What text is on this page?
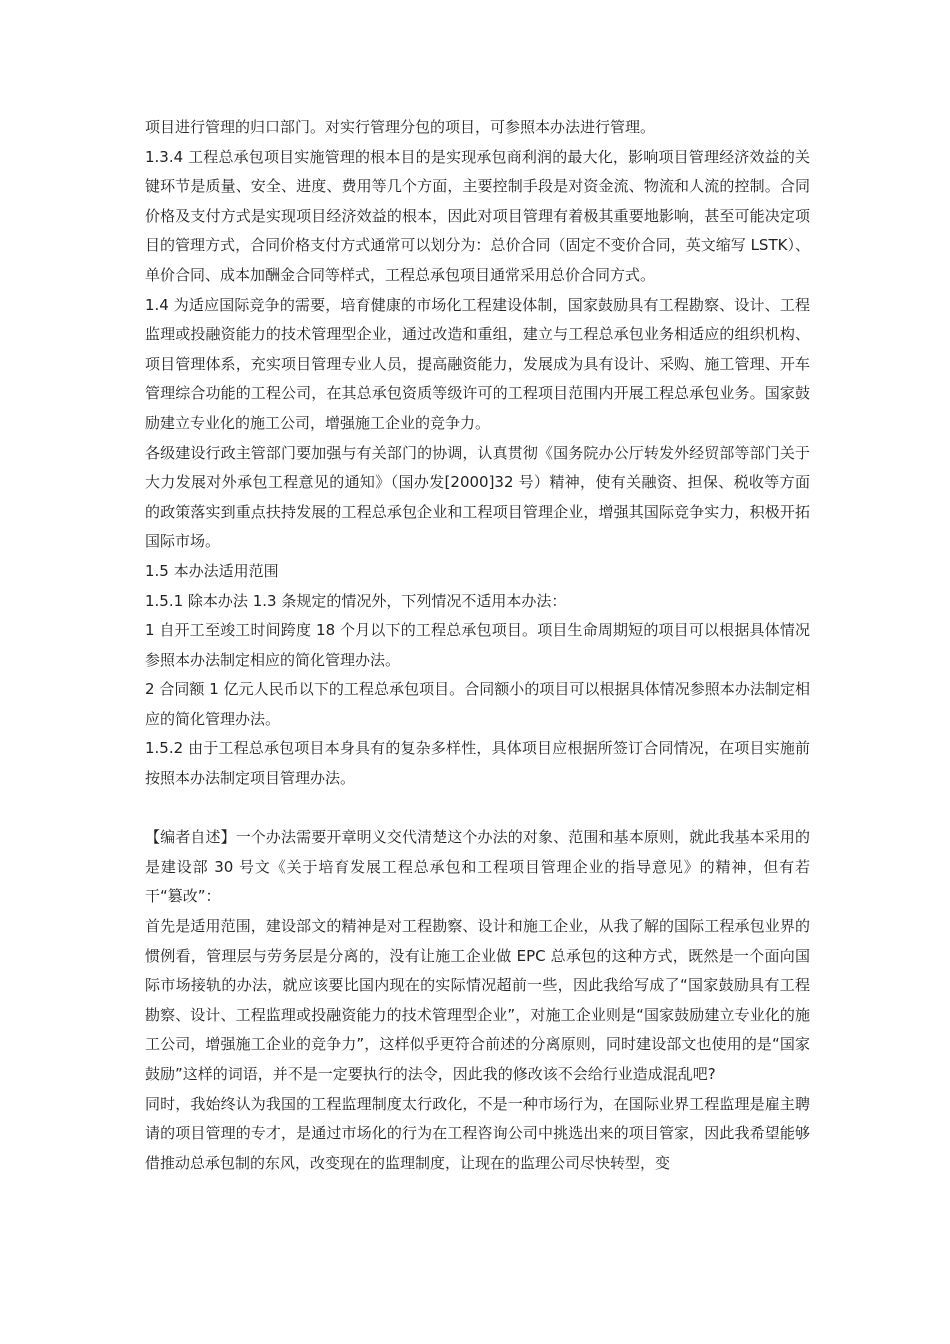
项目进行管理的归口部门。对实行管理分包的项目，可参照本办法进行管理。

1.3.4 工程总承包项目实施管理的根本目的是实现承包商利润的最大化，影响项目管理经济效益的关键环节是质量、安全、进度、费用等几个方面，主要控制手段是对资金流、物流和人流的控制。合同价格及支付方式是实现项目经济效益的根本，因此对项目管理有着极其重要地影响，甚至可能决定项目的管理方式，合同价格支付方式通常可以划分为：总价合同（固定不变价合同，英文缩写 LSTK）、单价合同、成本加酬金合同等样式，工程总承包项目通常采用总价合同方式。

1.4 为适应国际竞争的需要，培育健康的市场化工程建设体制，国家鼓励具有工程勘察、设计、工程监理或投融资能力的技术管理型企业，通过改造和重组，建立与工程总承包业务相适应的组织机构、项目管理体系，充实项目管理专业人员，提高融资能力，发展成为具有设计、采购、施工管理、开车管理综合功能的工程公司，在其总承包资质等级许可的工程项目范围内开展工程总承包业务。国家鼓励建立专业化的施工公司，增强施工企业的竞争力。

各级建设行政主管部门要加强与有关部门的协调，认真贯彻《国务院办公厅转发外经贸部等部门关于大力发展对外承包工程意见的通知》（国办发[2000]32 号）精神，使有关融资、担保、税收等方面的政策落实到重点扶持发展的工程总承包企业和工程项目管理企业，增强其国际竞争实力，积极开拓国际市场。

1.5 本办法适用范围

1.5.1 除本办法 1.3 条规定的情况外，下列情况不适用本办法：

1 自开工至竣工时间跨度 18 个月以下的工程总承包项目。项目生命周期短的项目可以根据具体情况参照本办法制定相应的简化管理办法。

2 合同额 1 亿元人民币以下的工程总承包项目。合同额小的项目可以根据具体情况参照本办法制定相应的简化管理办法。

1.5.2 由于工程总承包项目本身具有的复杂多样性，具体项目应根据所签订合同情况，在项目实施前按照本办法制定项目管理办法。

【编者自述】一个办法需要开章明义交代清楚这个办法的对象、范围和基本原则，就此我基本采用的是建设部 30 号文《关于培育发展工程总承包和工程项目管理企业的指导意见》的精神，但有若干“篡改”：

首先是适用范围，建设部文的精神是对工程勘察、设计和施工企业，从我了解的国际工程承包业界的惯例看，管理层与劳务层是分离的，没有让施工企业做 EPC 总承包的这种方式，既然是一个面向国际市场接轨的办法，就应该要比国内现在的实际情况超前一些，因此我给写成了“国家鼓励具有工程勘察、设计、工程监理或投融资能力的技术管理型企业”，对施工企业则是“国家鼓励建立专业化的施工公司，增强施工企业的竞争力”，这样似乎更符合前述的分离原则，同时建设部文也使用的是“国家鼓励”这样的词语，并不是一定要执行的法令，因此我的修改该不会给行业造成混乱吧?

同时，我始终认为我国的工程监理制度太行政化，不是一种市场行为，在国际业界工程监理是雇主聘请的项目管理的专才，是通过市场化的行为在工程咨询公司中挑选出来的项目管家，因此我希望能够借推动总承包制的东风，改变现在的监理制度，让现在的监理公司尽快转型，变
